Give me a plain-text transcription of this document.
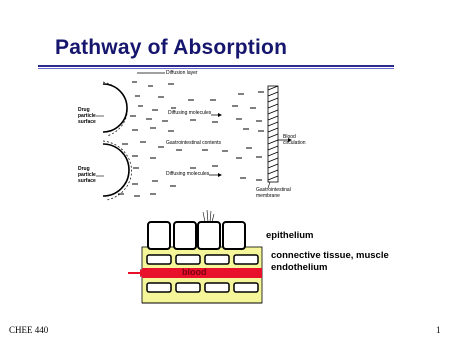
Pathway of Absorption
Diffusion layer
Drug
particle
surface
Drug
particle
surface
Diffusing molecules
Gastrointestinal contents
Diffusing molecules
Blood
circulation
Gastrointestinal
membrane
blood
epithelium
connective tissue, muscle
endothelium
CHEE 440	1
